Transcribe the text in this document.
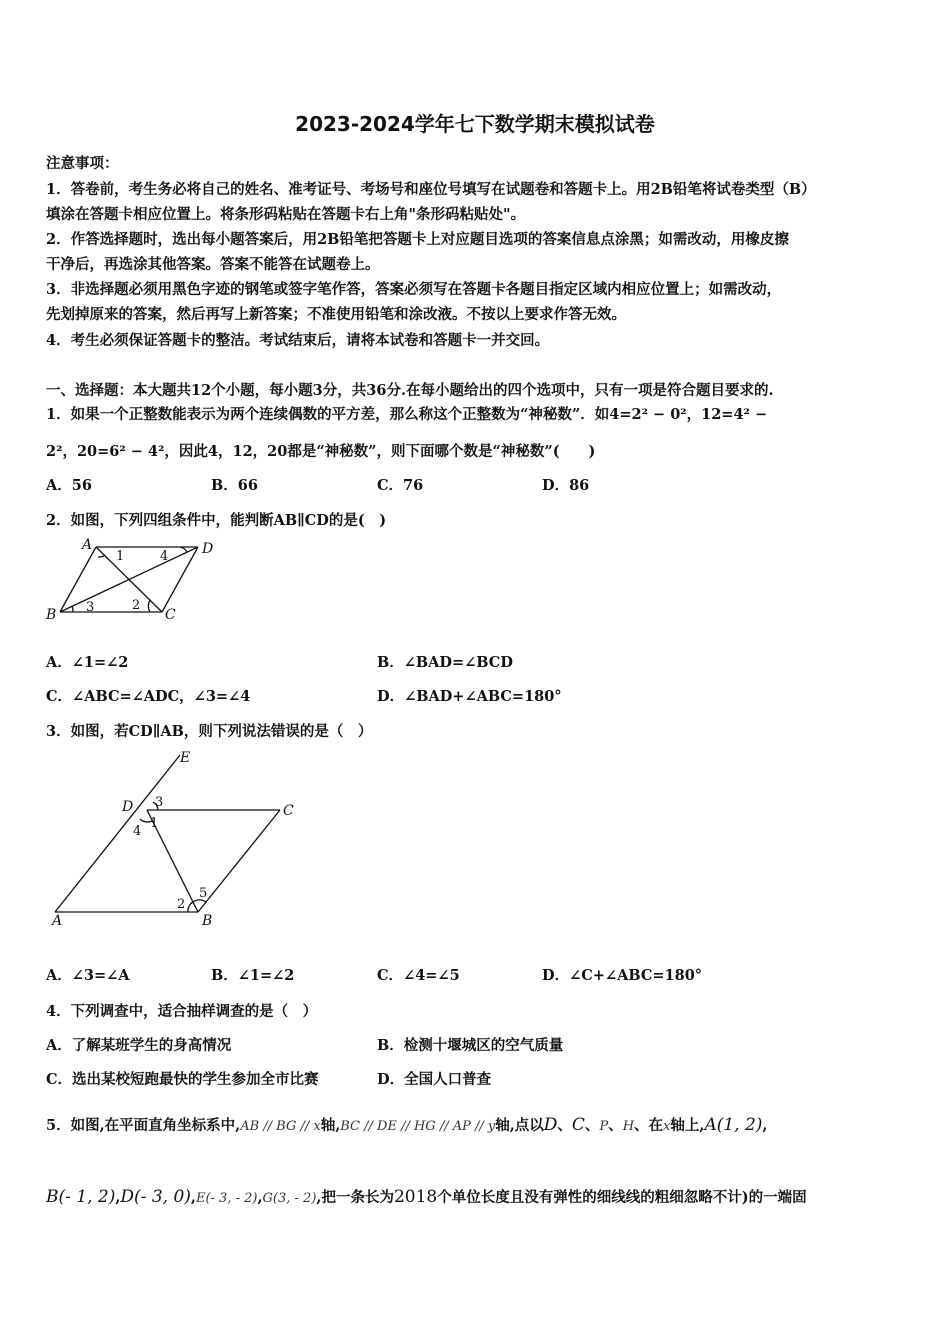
2023-2024学年七下数学期末模拟试卷
注意事项：
1．答卷前，考生务必将自己的姓名、准考证号、考场号和座位号填写在试题卷和答题卡上。用2B铅笔将试卷类型（B）
填涂在答题卡相应位置上。将条形码粘贴在答题卡右上角"条形码粘贴处"。
2．作答选择题时，选出每小题答案后，用2B铅笔把答题卡上对应题目选项的答案信息点涂黑；如需改动，用橡皮擦
干净后，再选涂其他答案。答案不能答在试题卷上。
3．非选择题必须用黑色字迹的钢笔或签字笔作答，答案必须写在答题卡各题目指定区域内相应位置上；如需改动，
先划掉原来的答案，然后再写上新答案；不准使用铅笔和涂改液。不按以上要求作答无效。
4．考生必须保证答题卡的整洁。考试结束后，请将本试卷和答题卡一并交回。
一、选择题：本大题共12个小题，每小题3分，共36分.在每小题给出的四个选项中，只有一项是符合题目要求的.
1．如果一个正整数能表示为两个连续偶数的平方差，那么称这个正整数为“神秘数”．如4=2² − 0²，12=4² −
2²，20=6² − 4²，因此4，12，20都是“神秘数”，则下面哪个数是“神秘数”(　　)
A．56	B．66	C．76	D．86
2．如图，下列四组条件中，能判断AB∥CD的是(　)
A	D
B	C
1	4
3	2
A．∠1=∠2	B．∠BAD=∠BCD
C．∠ABC=∠ADC，∠3=∠4	D．∠BAD+∠ABC=180°
3．如图，若CD∥AB，则下列说法错误的是（　）
A	B
C
D
E
3
1
4
2
5
A．∠3=∠A	B．∠1=∠2	C．∠4=∠5	D．∠C+∠ABC=180°
4．下列调查中，适合抽样调查的是（　）
A．了解某班学生的身高情况	B．检测十堰城区的空气质量
C．选出某校短跑最快的学生参加全市比赛	D．全国人口普查
5．如图,在平面直角坐标系中,AB // BG // x轴,BC // DE // HG // AP // y轴,点以D、C、P、H、在x轴上,A(1, 2),
B(- 1, 2),D(- 3, 0),E(- 3, - 2),G(3, - 2),把一条长为2018个单位长度且没有弹性的细线线的粗细忽略不计)的一端固
